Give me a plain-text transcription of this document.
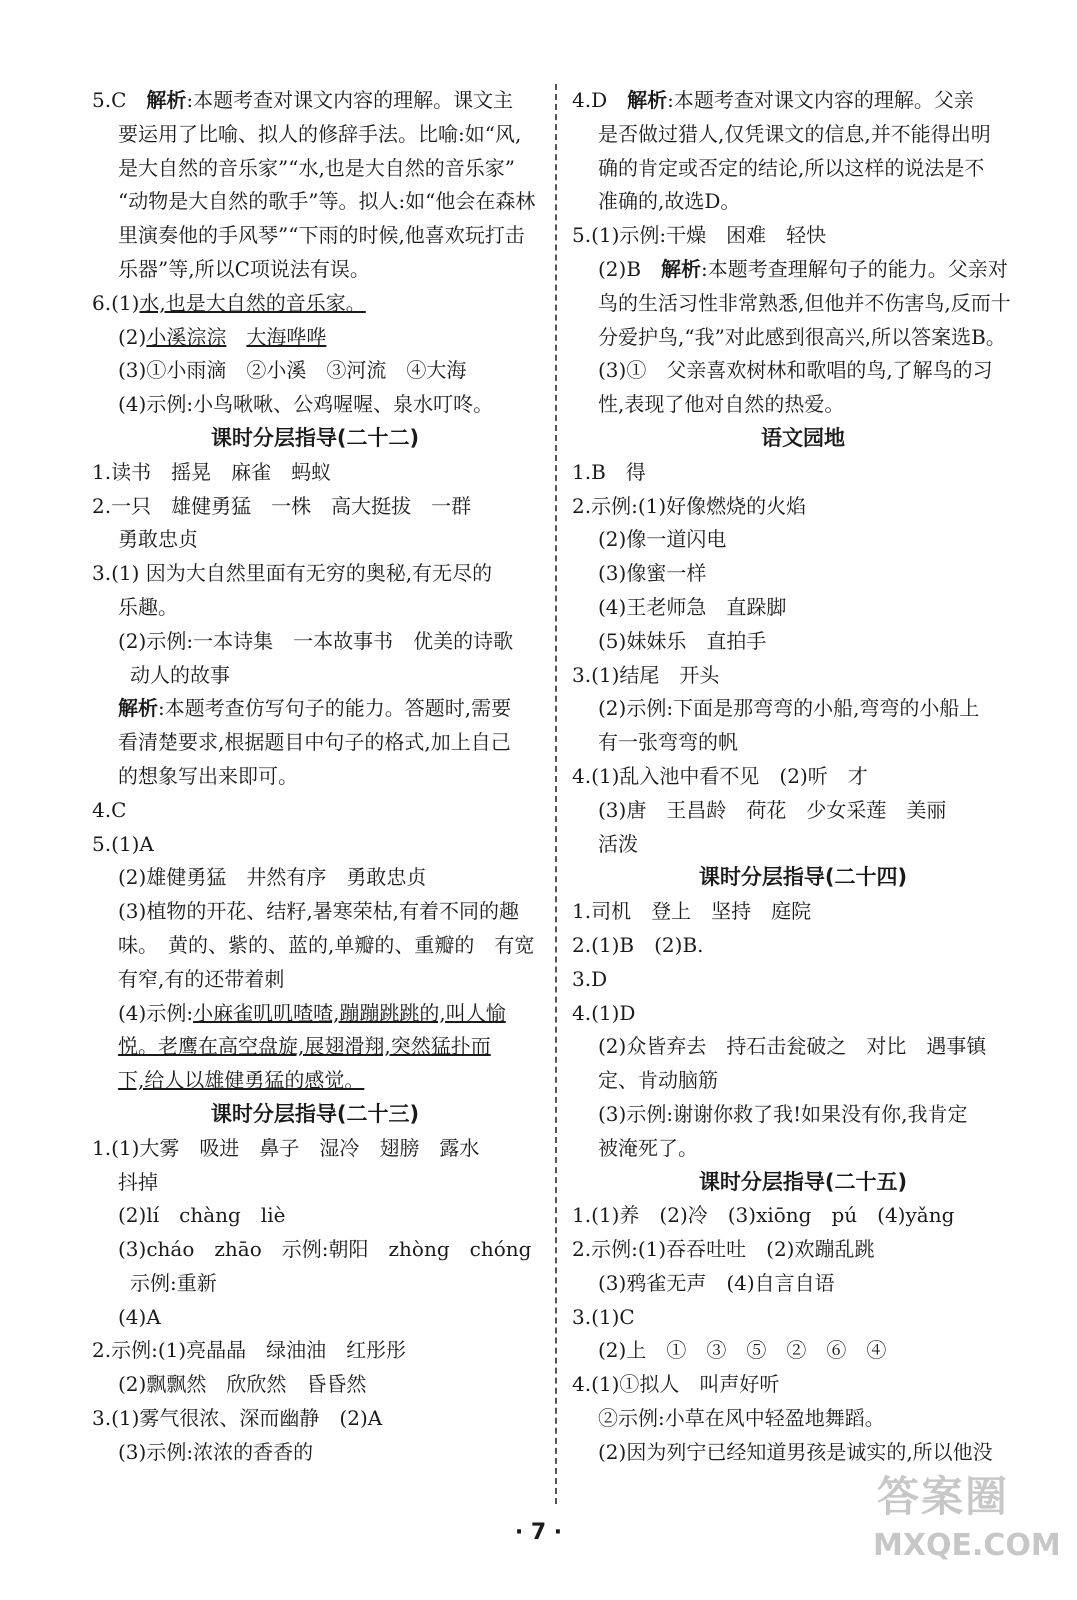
5.C　解析:本题考查对课文内容的理解。课文主
要运用了比喻、拟人的修辞手法。比喻:如“风,
是大自然的音乐家”“水,也是大自然的音乐家”
“动物是大自然的歌手”等。拟人:如“他会在森林
里演奏他的手风琴”“下雨的时候,他喜欢玩打击
乐器”等,所以C项说法有误。
6.(1)水,也是大自然的音乐家。
(2)小溪淙淙　 大海哗哗
(3)①小雨滴　②小溪　③河流　④大海
(4)示例:小鸟啾啾、公鸡喔喔、泉水叮咚。
课时分层指导(二十二)
1.读书　摇晃　麻雀　蚂蚁
2.一只　雄健勇猛　一株　高大挺拔　一群
勇敢忠贞
3.(1) 因为大自然里面有无穷的奥秘,有无尽的
乐趣。
(2)示例:一本诗集　一本故事书　优美的诗歌
动人的故事
解析:本题考查仿写句子的能力。答题时,需要
看清楚要求,根据题目中句子的格式,加上自己
的想象写出来即可。
4.C
5.(1)A
(2)雄健勇猛　井然有序　勇敢忠贞
(3)植物的开花、结籽,暑寒荣枯,有着不同的趣
味。　黄的、紫的、蓝的,单瓣的、重瓣的　有宽
有窄,有的还带着刺
(4)示例:小麻雀叽叽喳喳,蹦蹦跳跳的,叫人愉
悦。老鹰在高空盘旋,展翅滑翔,突然猛扑而
下,给人以雄健勇猛的感觉。
课时分层指导(二十三)
1.(1)大雾　吸进　鼻子　湿冷　翅膀　露水
抖掉
(2)lí　chàng　liè
(3)cháo　zhāo　示例:朝阳　zhòng　chóng
示例:重新
(4)A
2.示例:(1)亮晶晶　绿油油　红彤彤
(2)飘飘然　欣欣然　昏昏然
3.(1)雾气很浓、深而幽静　(2)A
(3)示例:浓浓的香香的
4.D　解析:本题考查对课文内容的理解。父亲
是否做过猎人,仅凭课文的信息,并不能得出明
确的肯定或否定的结论,所以这样的说法是不
准确的,故选D。
5.(1)示例:干燥　困难　轻快
(2)B　解析:本题考查理解句子的能力。父亲对
鸟的生活习性非常熟悉,但他并不伤害鸟,反而十
分爱护鸟,“我”对此感到很高兴,所以答案选B。
(3)①　父亲喜欢树林和歌唱的鸟,了解鸟的习
性,表现了他对自然的热爱。
语文园地
1.B　得
2.示例:(1)好像燃烧的火焰
(2)像一道闪电
(3)像蜜一样
(4)王老师急　直跺脚
(5)妹妹乐　直拍手
3.(1)结尾　开头
(2)示例:下面是那弯弯的小船,弯弯的小船上
有一张弯弯的帆
4.(1)乱入池中看不见　(2)听　才
(3)唐　王昌龄　荷花　少女采莲　美丽
活泼
课时分层指导(二十四)
1.司机　登上　坚持　庭院
2.(1)B　(2)B.
3.D
4.(1)D
(2)众皆弃去　持石击瓮破之　对比　遇事镇
定、肯动脑筋
(3)示例:谢谢你救了我!如果没有你,我肯定
被淹死了。
课时分层指导(二十五)
1.(1)养　(2)冷　(3)xiōng　pú　(4)yǎng
2.示例:(1)吞吞吐吐　(2)欢蹦乱跳
(3)鸦雀无声　(4)自言自语
3.(1)C
(2)上　①　③　⑤　②　⑥　④
4.(1)①拟人　叫声好听
②示例:小草在风中轻盈地舞蹈。
(2)因为列宁已经知道男孩是诚实的,所以他没
· 7 ·
答案圈
MXQE.COM
